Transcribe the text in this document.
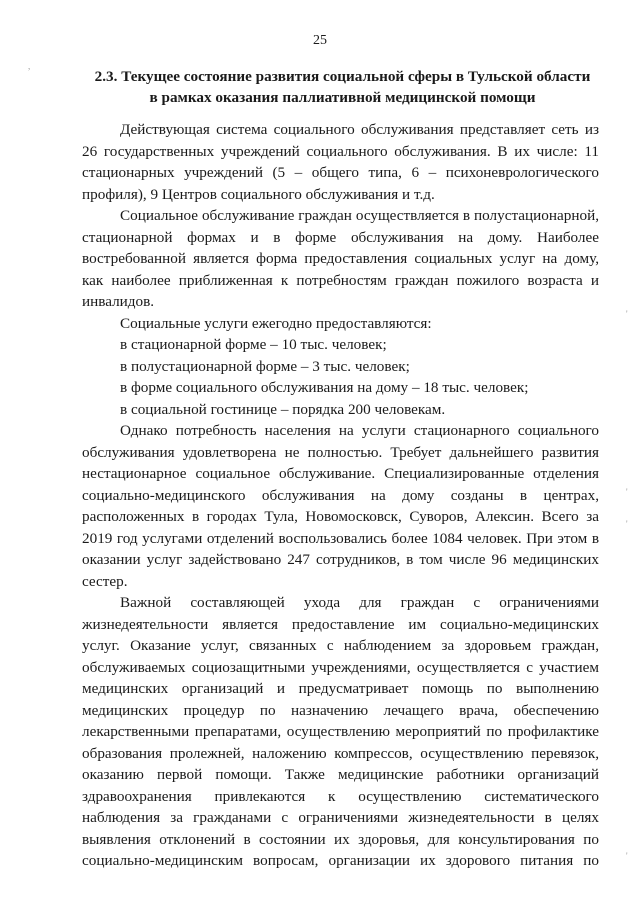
25
2.3. Текущее состояние развития социальной сферы в Тульской области
в рамках оказания паллиативной медицинской помощи

Действующая система социального обслуживания представляет сеть из 26 государственных учреждений социального обслуживания. В их числе: 11 стационарных учреждений (5 – общего типа, 6 – психоневрологического профиля), 9 Центров социального обслуживания и т.д.

Социальное обслуживание граждан осуществляется в полустационарной, стационарной формах и в форме обслуживания на дому. Наиболее востребованной является форма предоставления социальных услуг на дому, как наиболее приближенная к потребностям граждан пожилого возраста и инвалидов.

Социальные услуги ежегодно предоставляются:

в стационарной форме – 10 тыс. человек;

в полустационарной форме – 3 тыс. человек;

в форме социального обслуживания на дому – 18 тыс. человек;

в социальной гостинице – порядка 200 человекам.

Однако потребность населения на услуги стационарного социального обслуживания удовлетворена не полностью. Требует дальнейшего развития нестационарное социальное обслуживание. Специализированные отделения социально-медицинского обслуживания на дому созданы в центрах, расположенных в городах Тула, Новомосковск, Суворов, Алексин. Всего за 2019 год услугами отделений воспользовались более 1084 человек. При этом в оказании услуг задействовано 247 сотрудников, в том числе 96 медицинских сестер.

Важной составляющей ухода для граждан с ограничениями жизнедеятельности является предоставление им социально-медицинских услуг. Оказание услуг, связанных с наблюдением за здоровьем граждан, обслуживаемых социозащитными учреждениями, осуществляется с участием медицинских организаций и предусматривает помощь по выполнению медицинских процедур по назначению лечащего врача, обеспечению лекарственными препаратами, осуществлению мероприятий по профилактике образования пролежней, наложению компрессов, осуществлению перевязок, оказанию первой помощи. Также медицинские работники организаций здравоохранения привлекаются к осуществлению систематического наблюдения за гражданами с ограничениями жизнедеятельности в целях выявления отклонений в состоянии их здоровья, для консультирования по социально-медицинским вопросам, организации их здорового питания по

,
'
'
'
'
